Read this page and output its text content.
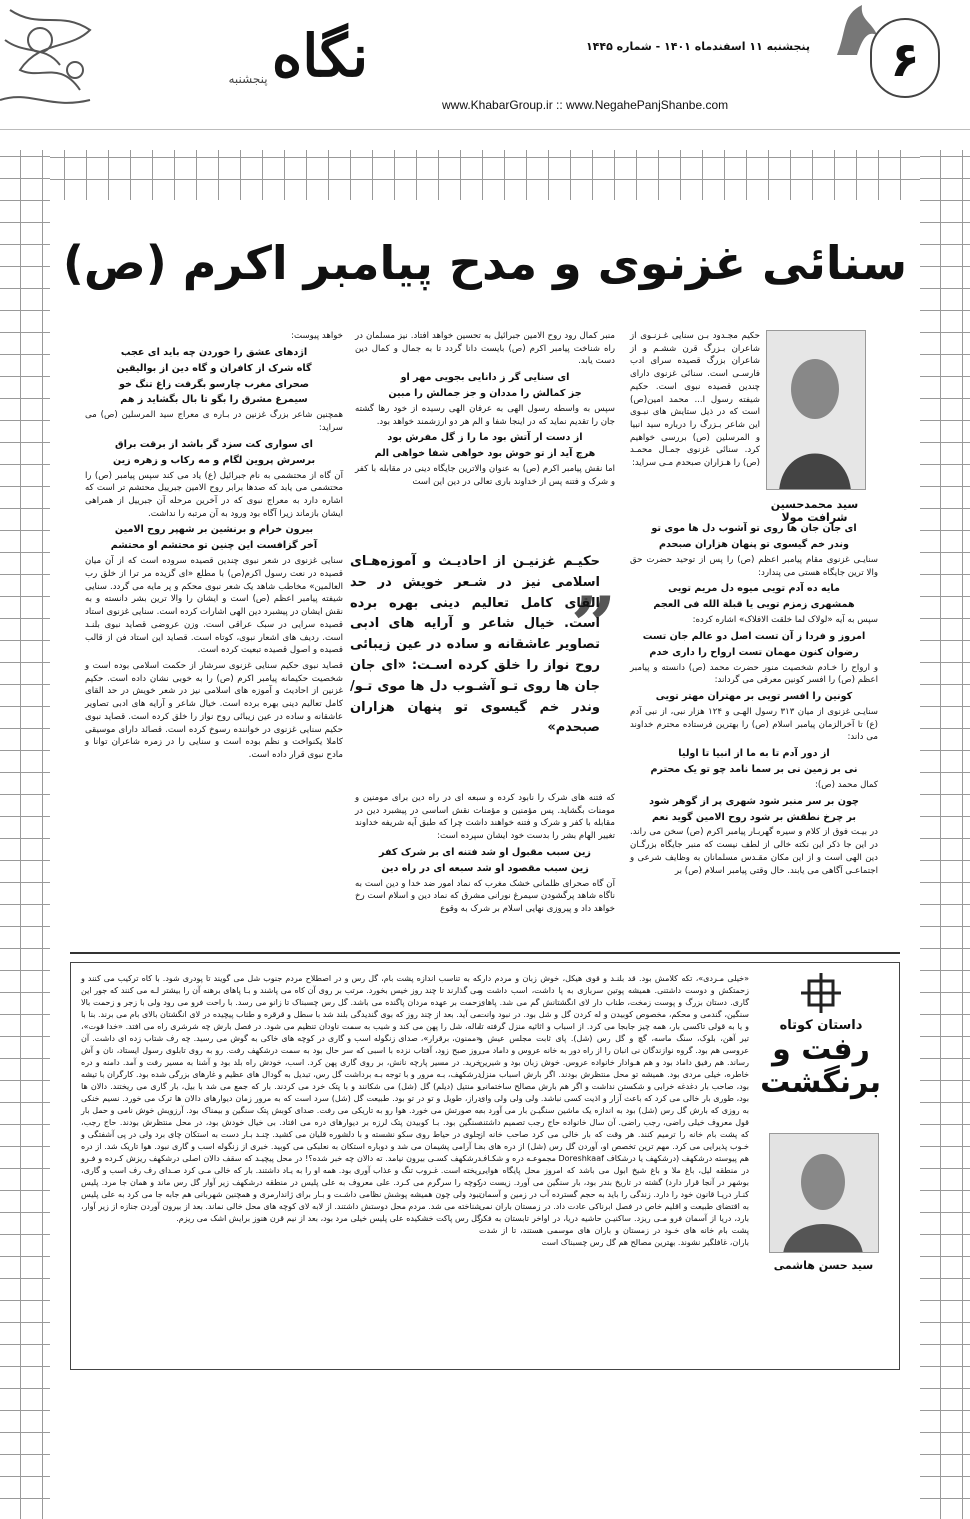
نگاه
پنجشنبه
پنجشنبه ۱۱ اسفندماه ۱۴۰۱ - شماره ۱۴۴۵
www.KhabarGroup.ir :: www.NegahePanjShanbe.com
۶
سنائی غزنوی و مدح پیامبر اکرم (ص)
سید محمدحسین شرافت مولا

حکیم مجـدود بـن سنایی غـزنـوی از شاعران بـزرگ قرن ششـم و از شاعران بزرگ قصیده سرای ادب فارسـی است. سنائی غزنوی دارای چندین قصیده نبوی است. حکیم شیفته رسول ا... محمد امین(ص) است که در ذیل ستایش های نبـوی این شاعر بـزرگ را درباره سید انبیا و المرسلین (ص) بررسی خواهیم کرد. سنائی غزنوی جمـال محمـد (ص) را هـزاران صبحدم مـی سراید:

ای جان جان ها روی تو آشوب دل ها موی تو
وندر خم گیسوی تو پنهان هزاران صبحدم

سنایـی غزنوی مقام پیامبر اعظم (ص) را پس از توحید حضرت حق والا ترین جایگاه هستی می پندارد:

مایه ده آدم تویی میوه دل مریم تویی
همشهری زمزم تویی یا قبلة الله فی العجم

سپس به آیه «لولاک لما خلقت الافلاک» اشاره کرده:

امروز و فردا ز آن تست اصل دو عالم جان تست
رضوان کنون مهمان تست ارواح را داری خدم

و ارواح را خـادم شخصیت منور حضرت محمد (ص) دانسته و پیامبر اعظم (ص) را افسر کونین معرفی می گرداند:

کونین را افسر تویی بر مهتران مهتر تویی

سنایـی غزنوی از میان ۳۱۳ رسول الهـی و ۱۲۴ هزار نبی، از نبی آدم (ع) تا آخرالزمان پیامبر اسلام (ص) را بهترین فرستاده محترم خداوند می داند:

از دور آدم تا به ما از انبیا تا اولیا
نی بر زمین نی بر سما نامد چو تو یک محترم

کمال محمد (ص):

چون بر سر منبر شود شهری پر از گوهر شود
بر چرخ نطقش بر شود روح الامین گوید نعم

در بیـت فوق از کلام و سیره گهربـار پیامبر اکرم (ص) سخن می راند. در این جا ذکر این نکته خالی از لطف نیست که منبر جایگاه بزرگـان دین الهی است و از این مکان مقـدس مسلمانان به وظایف شرعی و اجتماعـی آگاهی می یابند. حال وقتی پیامبر اسلام (ص) بر

منبر کمال رود روح الامین جبرائیل به تحسین خواهد افتاد. نیز مسلمان در راه شناخت پیامبر اکرم (ص) بایست دانا گردد تا به جمال و کمال دین دست یابد.

ای سنایی گر ز دانایی بجویی مهر او
جز کمالش را مددان و جز جمالش را مبین

سپس به واسطه رسول الهی به عرفان الهی رسیده از خود رها گشته جان را تقدیم نماید که در اینجا شفا و الم هر دو ارزشمند خواهد بود.

از دست ار آتش بود ما را ز گل مفرش بود
هرچ آید از تو خوش بود خواهی شفا خواهی الم

اما نقش پیامبر اکرم (ص) به عنوان والاترین جایگاه دینی در مقابله با کفر و شرک و فتنه پس از خداوند باری تعالی در دین این است

„
حکیـم غزنیـن از احادیـث و آموزه‌هـای اسلامی نیز در شـعر خویش در حد القای کامل تعالیم دینی بهره برده است. خیال شاعر و آرایه های ادبی تصاویر عاشقانه و ساده در عین زیبائی روح نواز را خلق کرده اسـت: «ای جان جان ها روی تـو آشـوب دل ها موی تـو/ وندر خم گیسوی تو پنهان هزاران صبحدم»

که فتنه های شرک را نابود کرده و سبعه ای در راه دین برای مومنین و مومنات بگشاید. پس مؤمنین و مؤمنات نقش اساسی در پیشبرد دین در مقابله با کفر و شرک و فتنه خواهند داشت چرا که طبق آیه شریفه خداوند تغییر الهام بشر را بدست خود ایشان سپرده است:

زین سبب مقبول او شد فتنه ای بر شرک کفر
زین سبب مقصود او شد سبعه ای در راه دین

آن گاه صحرای ظلمانی خشک مغرب که نماد امور ضد خدا و دین است به ناگاه شاهد پرگشودن سیمرغ نورانی مشرق که نماد دین و اسلام است رخ خواهد داد و پیروزی نهایی اسلام بر شرک به وقوع

خواهد پیوست:

اژدهای عشق را خوردن چه باید ای عجب
گاه شرک از کافران و گاه دین از بوالیقین
صحرای مغرب چارسو بگرفت زاغ تنگ خو
سیمرغ مشرق را بگو تا بال بگشاید ز هم

همچنین شاعر بزرگ غزنین در بـاره ی معراج سید المرسلین (ص) می سراید:

ای سواری کت سزد گر باشد از برقت براق
برسرش پروین لگام و مه رکاب و زهره زین

آن گاه از محتشمی به نام جبرائیل (ع) یاد می کند سپس پیامبر (ص) را محتشمی می یابد که صدها برابر روح الامین جبرییل محتشم تر است که اشاره دارد به معراج نبوی که در آخرین مرحله آن جبرییل از همراهی ایشان بازماند زیرا آگاه بود ورود به آن مرتبه را نداشت.

بیرون خرام و برنشین بر شهپر روح الامین
آخر گزافست این چنین تو محتشم او محتشم

سنایی غزنوی در شعر نبوی چندین قصیده سروده است که از آن میان قصیده در نعت رسول اکرم(ص) با مطلع «ای گزیده مر ترا از خلق رب العالمین» مخاطب شاهد یک شعر نبوی محکم و پر مایه می گردد. سنایی شیفته پیامبر اعظم (ص) است و ایشان را والا ترین بشر دانسته و به نقش ایشان در پیشبرد دین الهی اشارات کرده است. سنایی غزنوی استاد قصیده سرایی در سبک عراقی است. وزن عروضی قصاید نبوی بلنـد است. ردیف های اشعار نبوی، کوتاه است. قصاید این استاد فن از قالب قصیده و اصول قصیده تبعیت کرده است.

قصاید نبوی حکیم سنایی غزنوی سرشار از حکمت اسلامی بوده است و شخصیت حکیمانه پیامبر اکرم (ص) را به خوبی نشان داده است. حکیم غزنین از احادیث و آموزه های اسلامی نیز در شعر خویش در حد القای کامل تعالیم دینی بهره برده است. خیال شاعر و آرایه های ادبی تصاویر عاشقانه و ساده در عین زیبائی روح نواز را خلق کرده است. قصاید نبوی حکیم سنایی غزنوی در خواننده رسوخ کرده است. قصائد دارای موسیقی کاملا یکنواخت و نظم بوده است و سنایی را در زمره شاعران توانا و مادح نبوی قرار داده است.

داستان کوتاه
رفت و برنگشت
سید حسن هاشمی

«خیلی مـردی»، تکه کلامش بود. قد بلنـد و قوی هیکل، خوش زبان و مردم دار، زحمتکش و دوست داشتنی. همیشه پوتین سربازی به پا داشت، اسب داشت و گاری. دستان بزرگ و پوست زمخت، طناب دار لای انگشتانش گم می شد. پاهای سنگین، گندمی و محکم، مخصوص کوبیدن و له کردن گل و شل بود. در نبود وانت و یا به قولی تاکسی بار، همه چیز جابجا می کرد. از اسباب و اثاثیه منزل گرفته تا تیر آهن، بلوک، سنگ ماسه، گچ و گل رس (شل). پای ثابت مجلس عیش و عروسی هم بود. گروه نوازندگان نی انبان را از راه دور به خانه عروس و داماد می رساند. هم رفیق داماد بود و هم هـوادار خانواده عروس. خوش زبان بود و شیرین خاطره، خیلی مردی بود. همیشه تو محل منتظرش بودند. اگر بارش اسباب منزل بود، صاحب بار دغدغه خرابی و شکستن نداشت و اگر هم بارش مصالح ساختمانی بود، طوری بار خالی می کرد که باعث آزار و اذیت کسی نباشد. ولی ولی ولی وای به روزی که بارش گل رس (شل) بود به اندازه یک ماشین سنگیـن بار می آورد به قول معروف خیلی راضی، رجب راضی. آن سال خانواده حاج رجب تصمیم داشتند که پشت بام خانه را ترمیم کنند. هر وقت که بار خالی می کرد صاحب خانه از خـوب پذیرایی می کرد. مهم ترین تخصص او، آوردن گل رس (شل) از دره های به هم پیوسته درشکهف (درشکهف یا درشکاف Doreshkaaf مجموعـه دره و شکـاف در منطقه لیل، باغ ملا و باغ شیخ ابول می باشد که امروز محل پایگاه هوایی بوشهر در آنجا قرار دارد) گشته در تاریخ بندر بود، بار سنگین می آورد. زیست در کنـار دریـا قانون خود را دارد. زندگی را باید به حجم گسترده آب در زمین و آسمان به اقتضای طبیعت و اقلیم خاص در فصل ابرناکی عادت داد. در زمستان باران نمی بارد، دریا از آسمان فرو مـی ریزد. ساکنیـن حاشیه دریا، در اواخر تابستان به فکر پشت بام خانه های خـود در زمستان و باران های موسمی هستند، تا از شدت باران، غافلگیر نشوند. بهترین مصالح هم گل رس چسبناک است

که به تناسب اندازه پشت بام، گل رس و در اصطلاح مردم جنوب شل می گویند تا پودری شود. با کاه ترکیب می کنند و می گذارند تا چند روز خیس بخورد. مرتب بر روی آن کاه می پاشند و بـا پاهای برهنه آن را بیشتر لـه می کنند که جور این زحمت بر عهده مردان پاگنده می باشد. گل رس چسبناک تا زانو می رسد. با راحت فرو می رود ولی با زجر و زحمت بالا می آید. بعد از چند روز که بوی گندیدگی بلند شد با سطل و قرقره و طناب پیچیده در لای انگشتان بالای بام می برند. بنا با ماله، شل را پهن می کند و شیب به سمت ناودان تنظیم می شود. در فصل بارش چه شرشری راه می افتد. «خدا قوت»، «ممنون، برقرار»، صدای زنگوله اسب و گاری در کوچه های خاکی به گوش می رسید. چه رف شتاب زده ای داشت. آن روز صبح زود، آفتاب نزده با اسبی که سر حال بود به سمت درشکهف رفت. رو به روی تابلوی رسول ایستاد، نان و آش خرید. در مسیر پارچه نانش، بر روی گاری پهن کرد. اسب، خودش راه بلد بود و آشنا به مسیر رفت و آمد. دامنه و دره درشکهف، بـه مرور و با توجه بـه برداشت گل رس، تبدیل به گودال های عظیم و غارهای بزرگی شده بود. کارگران با تیشه و منتیل (دیلم) گل (شل) می شکانند و با پتک خرد می کردند. بار که جمع می شد با بیل، بار گاری می ریختند. دالان ها دراز، طویل و تو در تو بود. طبیعت گل (شل) سرد است که به مرور زمان دیوارهای دالان ها ترک می خورد. نسیم خنکی به صورتش می خورد. هوا رو به تاریکی می رفت. صدای کوبش پتک سنگین و بیمناک بود. آرزویش خوش نامی و حمل بار سنگین بود. بـا کوبیدن پتک لرزه بر دیوارهای دره می افتاد. بی خیال خودش بود، در محل منتظرش بودند. حاج رجب، جلوی در حیاط روی سکو نشسته و با دلشوره قلیان می کشید. چنـد بـار دست به استکان چای برد ولی در پی آشفتگی و نـا آرامی پشیمان می شد و دوباره استکان به نعلبکی می کوبید. خبری از زنگوله اسب و گاری نبود. هوا تاریک شد. از دره درشکهف کسـی بیرون نیامد. ته دالان چه خبر شده؟! در محل پیچیـد که سقف دالان اصلی درشکهف ریزش کـرده و فـرو ریخته است. غـروب تنگ و عذاب آوری بود. همه او را به یـاد داشتند. بار که خالی مـی کرد صـدای رف رف اسب و گاری، کوچه را سرگرم می کـرد. علی معروف به علی پلیس در منطقه درشکهف زیر آوار گل رس ماند و همان جا مرد. پلیس نبود ولی چون همیشه پوشش نظامی داشـت و بـار برای ژاندارمری و همچنین شهربانی هم جابه جا می کرد به علی پلیس شناخته می شد. مردم محل دوستش داشتند. از لابه لای کوچه های محل خالی نماند. بعد از بیرون آوردن جنازه از زیر آوار، گل رس پاکت خشکیده علی پلیس خیلی مرد بود، بعد از نیم قرن هنوز برایش اشک می ریزم.
